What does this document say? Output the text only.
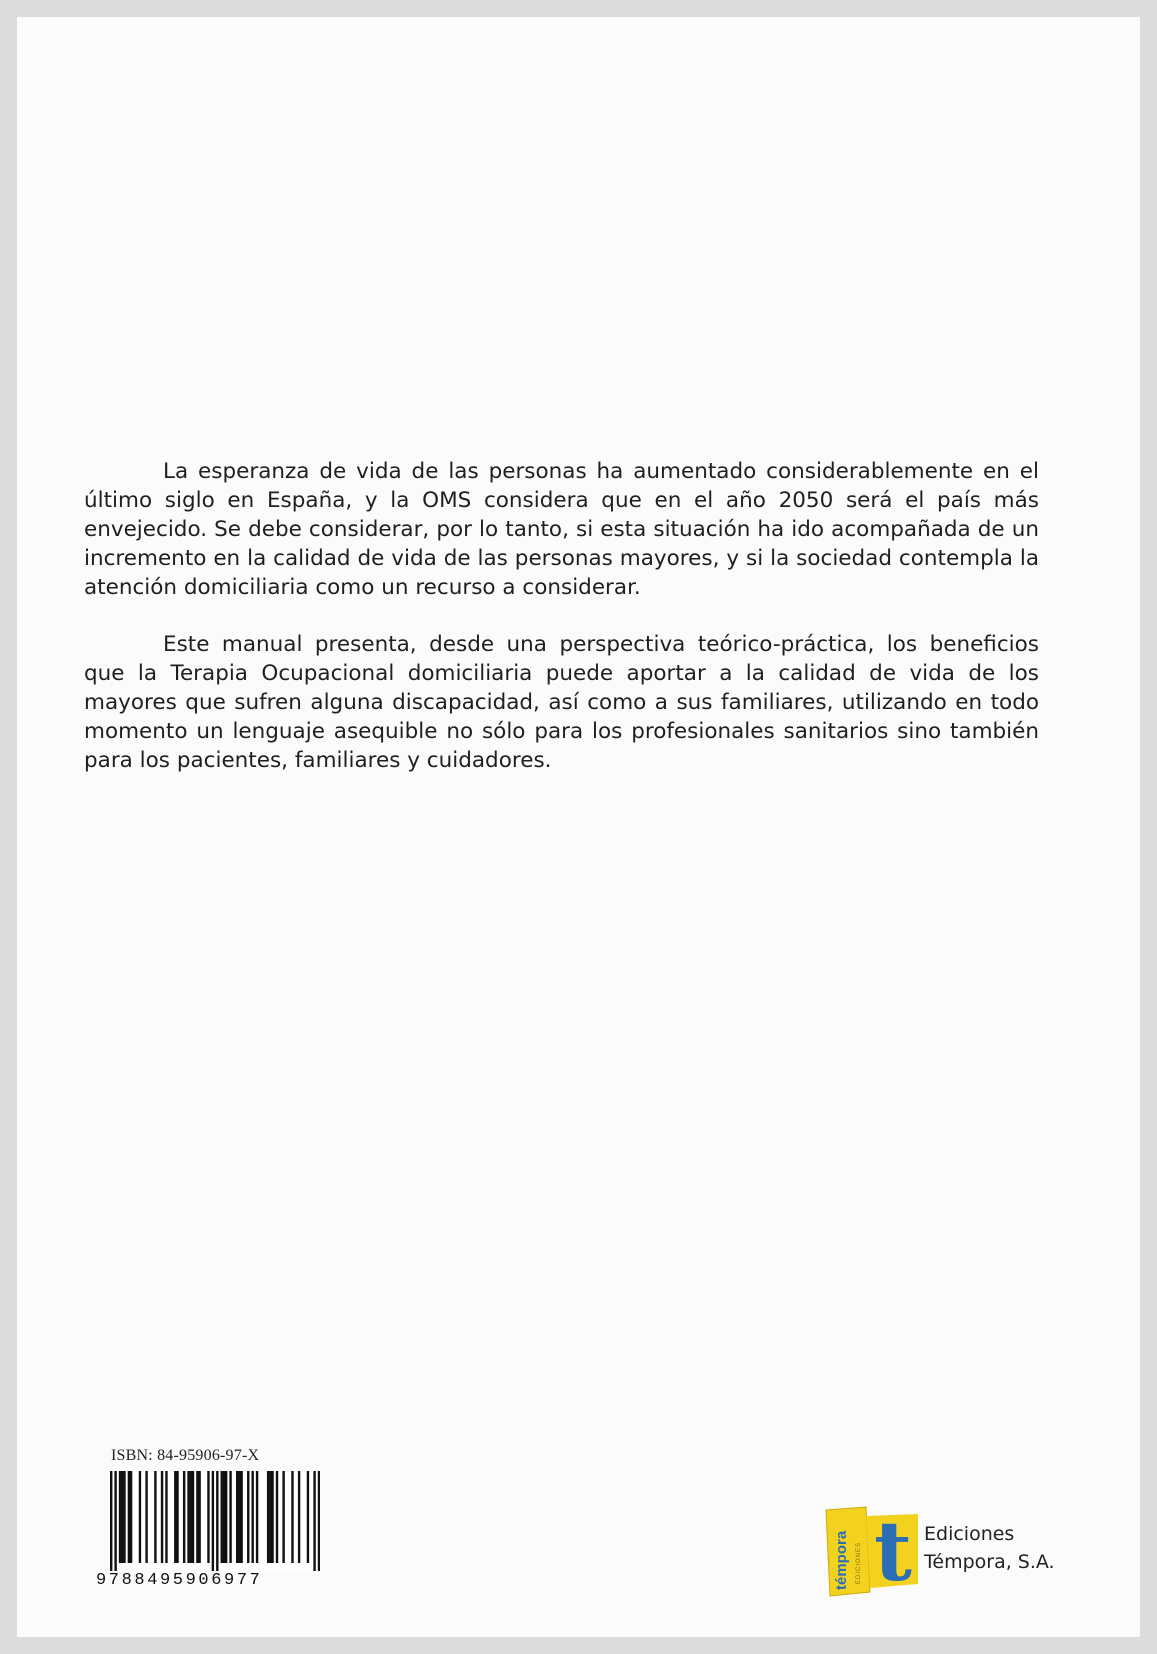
La esperanza de vida de las personas ha aumentado considerablemente en el último siglo en España, y la OMS considera que en el año 2050 será el país más envejecido. Se debe considerar, por lo tanto, si esta situación ha ido acompañada de un incremento en la calidad de vida de las personas mayores, y si la sociedad contempla la atención domiciliaria como un recurso a considerar.

Este manual presenta, desde una perspectiva teórico-práctica, los beneficios que la Terapia Ocupacional domiciliaria puede aportar a la calidad de vida de los mayores que sufren alguna discapacidad, así como a sus familiares, utilizando en todo momento un lenguaje asequible no sólo para los profesionales sanitarios sino también para los pacientes, familiares y cuidadores.

ISBN: 84-95906-97-X
9788495906977	témpora EDICIONES t Ediciones
Témpora, S.A.
